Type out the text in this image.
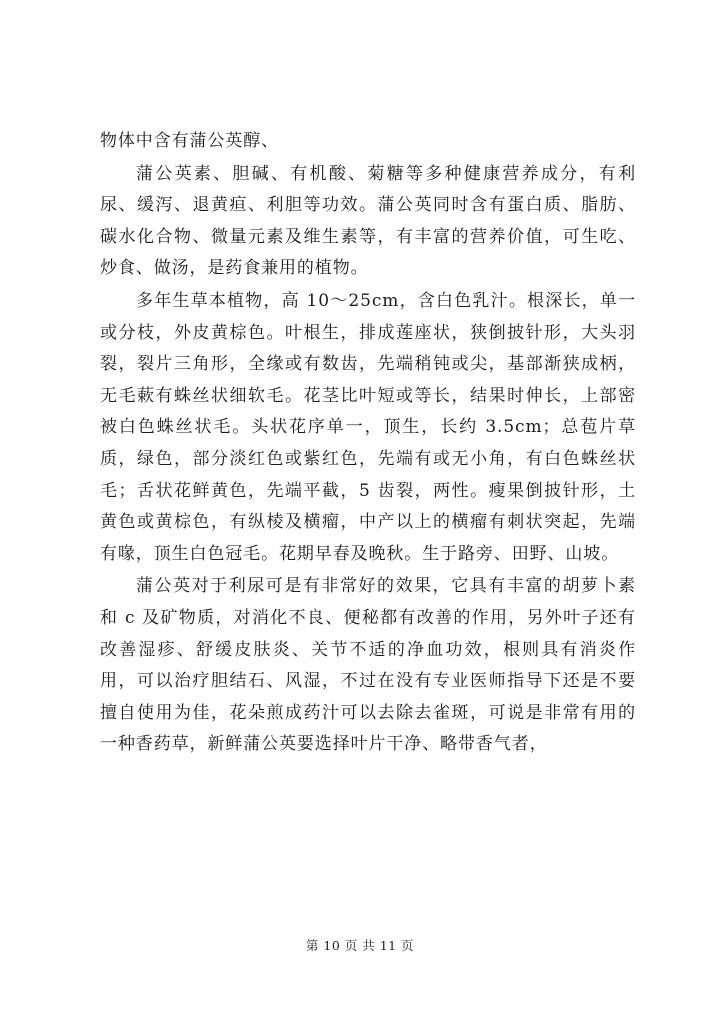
物体中含有蒲公英醇、

蒲公英素、胆碱、有机酸、菊糖等多种健康营养成分，有利尿、缓泻、退黄疸、利胆等功效。蒲公英同时含有蛋白质、脂肪、碳水化合物、微量元素及维生素等，有丰富的营养价值，可生吃、炒食、做汤，是药食兼用的植物。

多年生草本植物，高 10～25cm，含白色乳汁。根深长，单一或分枝，外皮黄棕色。叶根生，排成莲座状，狭倒披针形，大头羽裂，裂片三角形，全缘或有数齿，先端稍钝或尖，基部渐狭成柄，无毛蔌有蛛丝状细软毛。花茎比叶短或等长，结果时伸长，上部密被白色蛛丝状毛。头状花序单一，顶生，长约 3.5cm；总苞片草质，绿色，部分淡红色或紫红色，先端有或无小角，有白色蛛丝状毛；舌状花鲜黄色，先端平截，5 齿裂，两性。瘦果倒披针形，土黄色或黄棕色，有纵棱及横瘤，中产以上的横瘤有刺状突起，先端有喙，顶生白色冠毛。花期早春及晚秋。生于路旁、田野、山坡。

蒲公英对于利尿可是有非常好的效果，它具有丰富的胡萝卜素和 c 及矿物质，对消化不良、便秘都有改善的作用，另外叶子还有改善湿疹、舒缓皮肤炎、关节不适的净血功效，根则具有消炎作用，可以治疗胆结石、风湿，不过在没有专业医师指导下还是不要擅自使用为佳，花朵煎成药汁可以去除去雀斑，可说是非常有用的一种香药草，新鲜蒲公英要选择叶片干净、略带香气者，

第 10 页 共 11 页
